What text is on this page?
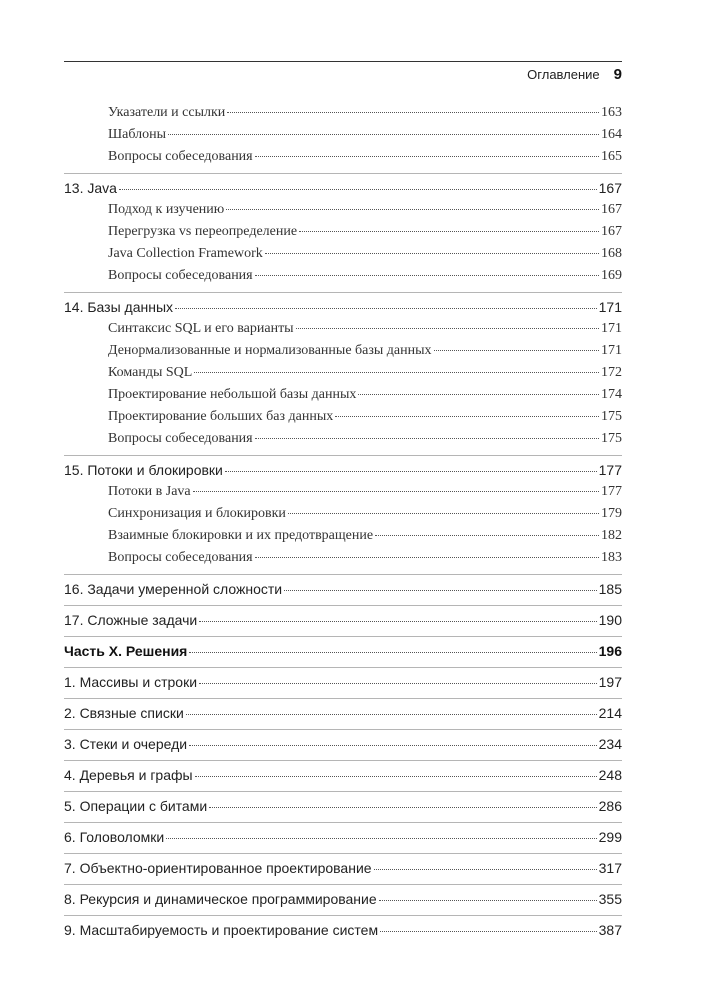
Оглавление 9
Указатели и ссылки	163
Шаблоны	164
Вопросы собеседования	165
13. Java	167
Подход к изучению	167
Перегрузка vs переопределение	167
Java Collection Framework	168
Вопросы собеседования	169
14. Базы данных	171
Синтаксис SQL и его варианты	171
Денормализованные и нормализованные базы данных	171
Команды SQL	172
Проектирование небольшой базы данных	174
Проектирование больших баз данных	175
Вопросы собеседования	175
15. Потоки и блокировки	177
Потоки в Java	177
Синхронизация и блокировки	179
Взаимные блокировки и их предотвращение	182
Вопросы собеседования	183
16. Задачи умеренной сложности	185
17. Сложные задачи	190
Часть X. Решения	196
1. Массивы и строки	197
2. Связные списки	214
3. Стеки и очереди	234
4. Деревья и графы	248
5. Операции с битами	286
6. Головоломки	299
7. Объектно-ориентированное проектирование	317
8. Рекурсия и динамическое программирование	355
9. Масштабируемость и проектирование систем	387
